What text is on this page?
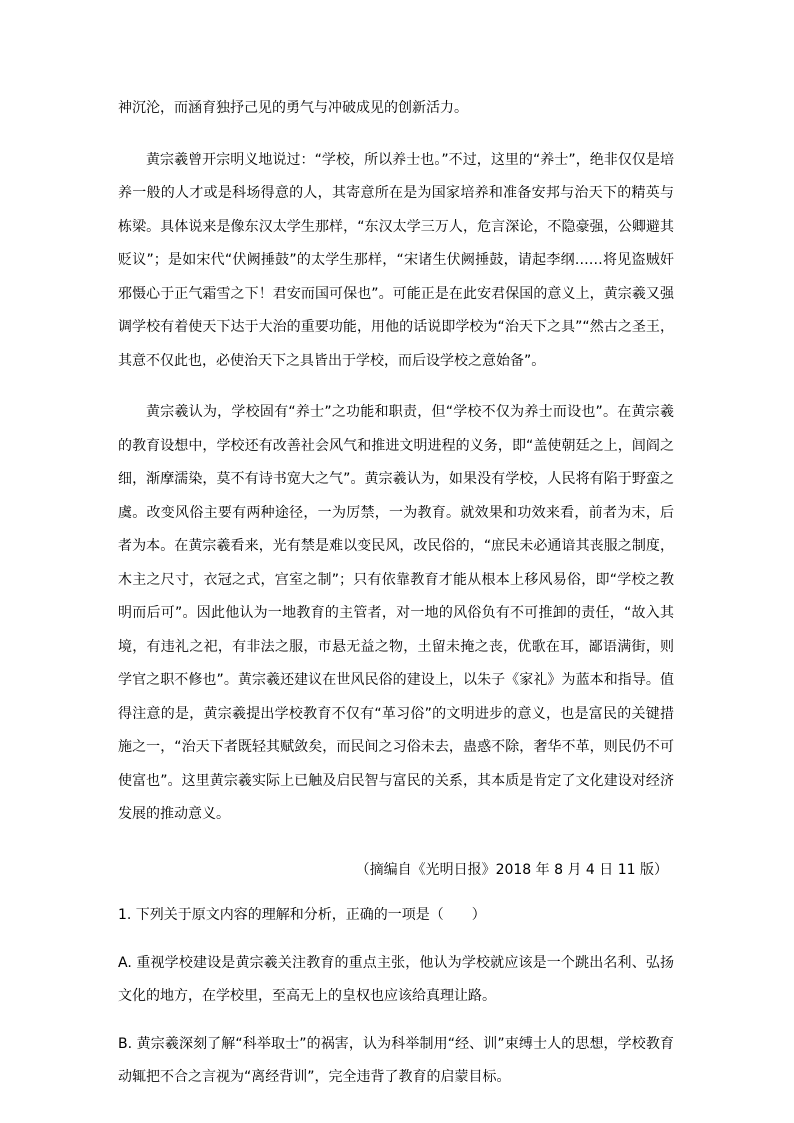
神沉沦，而涵育独抒己见的勇气与冲破成见的创新活力。

黄宗羲曾开宗明义地说过：“学校，所以养士也。”不过，这里的“养士”，绝非仅仅是培养一般的人才或是科场得意的人，其寄意所在是为国家培养和准备安邦与治天下的精英与栋梁。具体说来是像东汉太学生那样，“东汉太学三万人，危言深论，不隐豪强，公卿避其贬议”；是如宋代“伏阙捶鼓”的太学生那样，“宋诸生伏阙捶鼓，请起李纲……将见盗贼奸邪慑心于正气霜雪之下！君安而国可保也”。可能正是在此安君保国的意义上，黄宗羲又强调学校有着使天下达于大治的重要功能，用他的话说即学校为“治天下之具”“然古之圣王，其意不仅此也，必使治天下之具皆出于学校，而后设学校之意始备”。

黄宗羲认为，学校固有“养士”之功能和职责，但“学校不仅为养士而设也”。在黄宗羲的教育设想中，学校还有改善社会风气和推进文明进程的义务，即“盖使朝廷之上，闾阎之细，渐摩濡染，莫不有诗书宽大之气”。黄宗羲认为，如果没有学校，人民将有陷于野蛮之虞。改变风俗主要有两种途径，一为厉禁，一为教育。就效果和功效来看，前者为末，后者为本。在黄宗羲看来，光有禁是难以变民风，改民俗的，“庶民未必通谙其丧服之制度，木主之尺寸，衣冠之式，宫室之制”；只有依靠教育才能从根本上移风易俗，即“学校之教明而后可”。因此他认为一地教育的主管者，对一地的风俗负有不可推卸的责任，“故入其境，有违礼之祀，有非法之服，市悬无益之物，土留未掩之丧，优歌在耳，鄙语满街，则学官之职不修也”。黄宗羲还建议在世风民俗的建设上，以朱子《家礼》为蓝本和指导。值得注意的是，黄宗羲提出学校教育不仅有“革习俗”的文明进步的意义，也是富民的关键措施之一，“治天下者既轻其赋敛矣，而民间之习俗未去，蛊惑不除，奢华不革，则民仍不可使富也”。这里黄宗羲实际上已触及启民智与富民的关系，其本质是肯定了文化建设对经济发展的推动意义。

（摘编自《光明日报》2018 年 8 月 4 日 11 版）

1. 下列关于原文内容的理解和分析，正确的一项是（　　）

A. 重视学校建设是黄宗羲关注教育的重点主张，他认为学校就应该是一个跳出名利、弘扬文化的地方，在学校里，至高无上的皇权也应该给真理让路。

B. 黄宗羲深刻了解“科举取士”的祸害，认为科举制用“经、训”束缚士人的思想，学校教育动辄把不合之言视为“离经背训”，完全违背了教育的启蒙目标。
